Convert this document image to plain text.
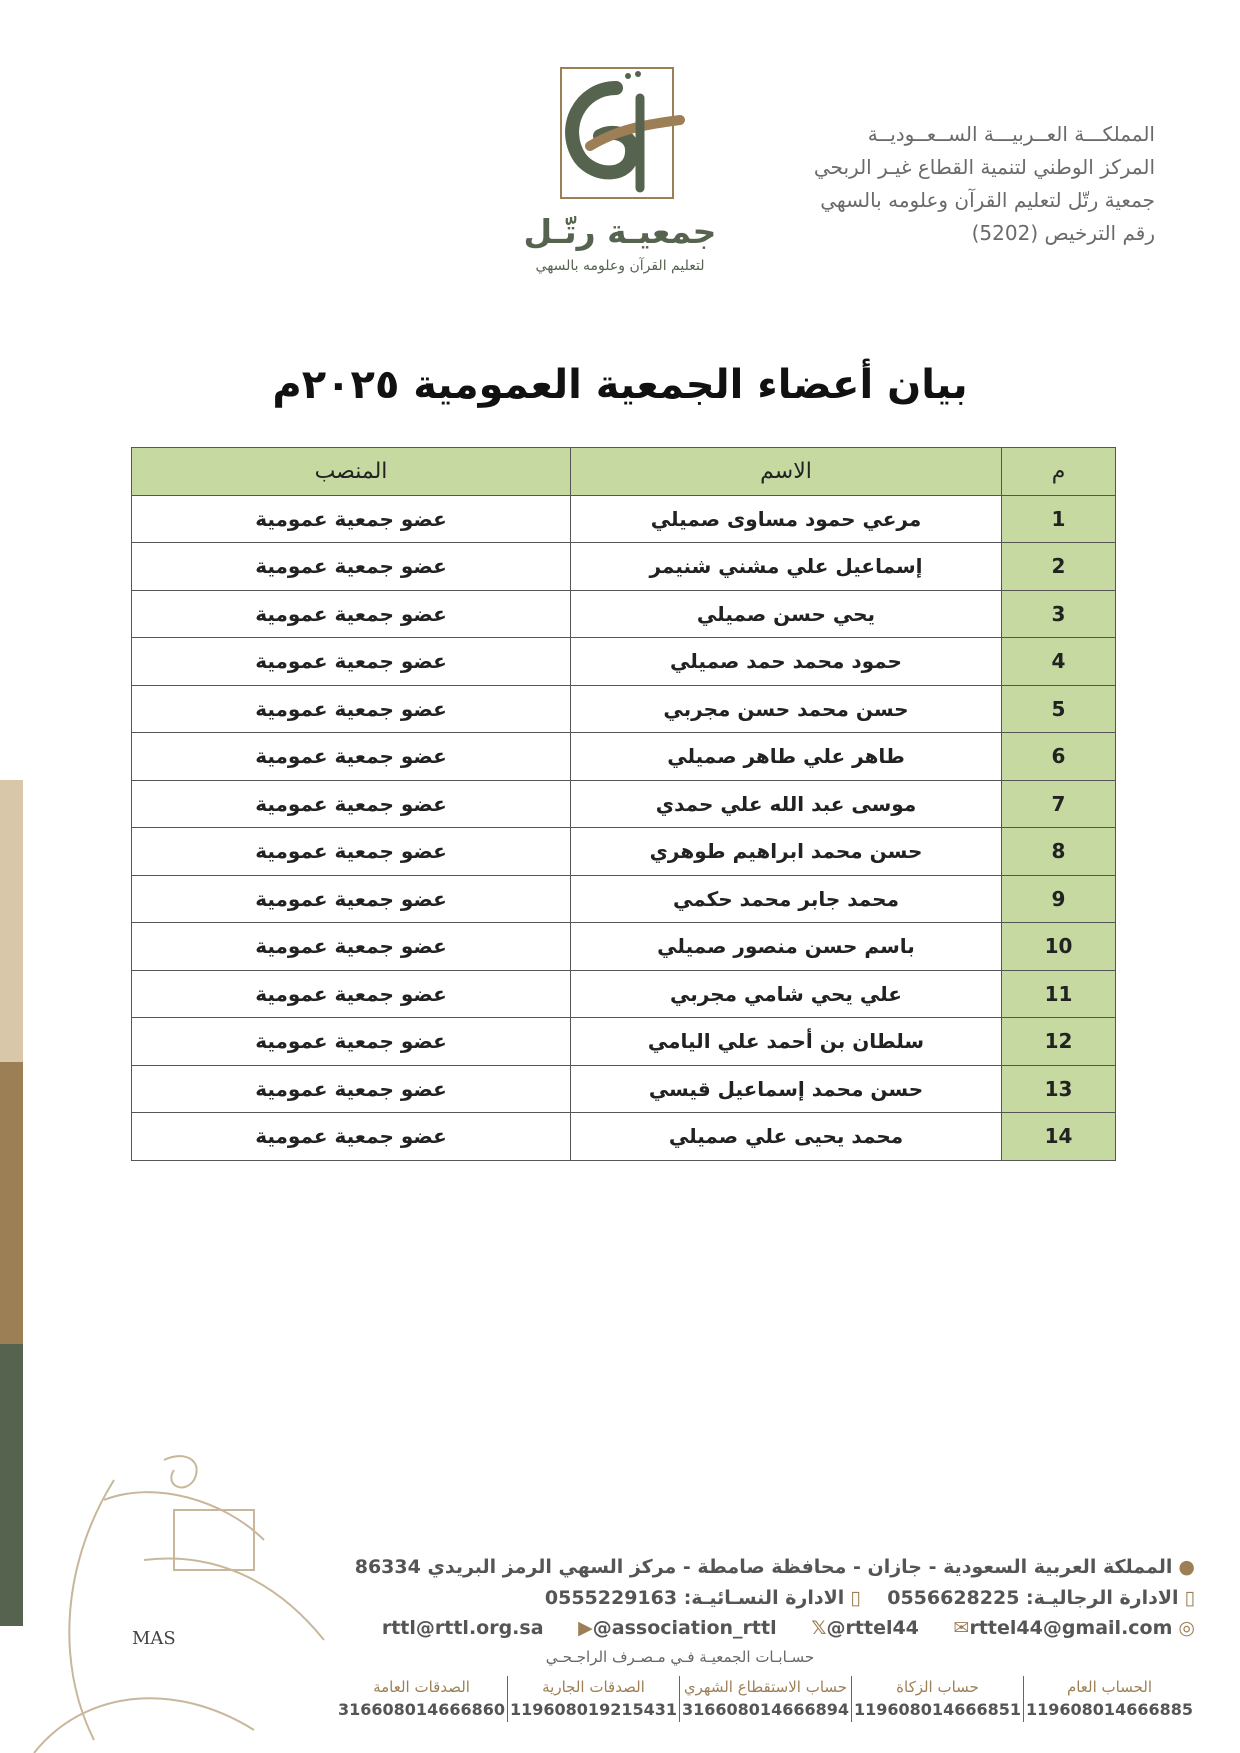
جمعيـة رتّـل
لتعليم القرآن وعلومه بالسهي
المملكـــة العــربيـــة الســعــوديــة
المركز الوطني لتنمية القطاع غيـر الربحي
جمعية رتّل لتعليم القرآن وعلومه بالسهي
رقم الترخيص (5202)
بيان أعضاء الجمعية العمومية ٢٠٢٥م
م	الاسم	المنصب
1	مرعي حمود مساوى صميلي	عضو جمعية عمومية
2	إسماعيل علي مشني شنيمر	عضو جمعية عمومية
3	يحي حسن صميلي	عضو جمعية عمومية
4	حمود محمد حمد صميلي	عضو جمعية عمومية
5	حسن محمد حسن مجربي	عضو جمعية عمومية
6	طاهر علي طاهر صميلي	عضو جمعية عمومية
7	موسى عبد الله علي حمدي	عضو جمعية عمومية
8	حسن محمد ابراهيم طوهري	عضو جمعية عمومية
9	محمد جابر محمد حكمي	عضو جمعية عمومية
10	باسم حسن منصور صميلي	عضو جمعية عمومية
11	علي يحي شامي مجربي	عضو جمعية عمومية
12	سلطان بن أحمد علي اليامي	عضو جمعية عمومية
13	حسن محمد إسماعيل قيسي	عضو جمعية عمومية
14	محمد يحيى علي صميلي	عضو جمعية عمومية
MAS
●المملكة العربية السعودية - جازان - محافظة صامطة - مركز السهي الرمز البريدي 86334
▯الادارة الرجاليـة: 0556628225    ▯الادارة النسـائيـة: 0555229163
◎rttl@rttl.org.sa ▶@association_rttl 𝕏@rttel44 ✉rttel44@gmail.com
حسـابـات الجمعيـة فـي مـصـرف الراجـحـي
الحساب العام
119608014666885
حساب الزكاة
119608014666851
حساب الاستقطاع الشهري
316608014666894
الصدقات الجارية
119608019215431
الصدقات العامة
316608014666860
